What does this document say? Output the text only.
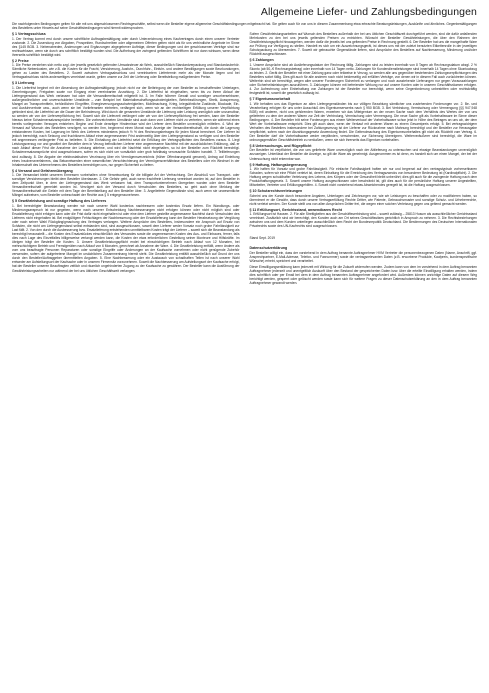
Allgemeine Liefer- und Zahlungsbedingungen

Die nachfolgenden Bedingungen gelten für alle mit uns abgeschlossenen Rechtsgeschäfte, selbst wenn die Besteller eigene allgemeine Geschäftsbedingungen mitgebracht hat. Sie gelten auch für von uns in diesem Zusammenhang etwa erbrachte Beratungsleistungen, Auskünfte und ähnliches. Gegenbestätigungen des Bestellers unter Hinweis auf seine Geschäftsbedingungen wird hiermit widersprochen.

§ 1 Vertragsschluss

1. Der Vertrag kommt erst durch unsere schriftliche Auftragsbestätigung oder durch Unterzeichnung eines Kaufvertrages durch einen unserer Vertreter zustande. 2. Die Zusendung von Abgaben, Prospekten, Rundschreiben oder allgemeinen Offerten gelten nicht als für uns verbindliche Angebote im Sinne des §145 BGB. 3. Nebenabreden, Änderungen und Ergänzungen abgegebener Aufträge, dieser Bedingungen und der geschlossenen Verträge sind nur rechtswirksam, wenn sie durch uns schriftlich bestätigt wurden sind. Die Aufhebung der zwingend geltenden Schriftform ist nur dann wirksam, wenn diese ihrerseits schriftlich bestätigt wird.

§ 2 Preise

1. Die Preise verstehen sich netto zzgl. der jeweils gesetzlich geltenden Umsatzsteuer ab Werk, ausschließlich Standardverpackung und Standardzubehör. Sämtliche Nebenkosten, wie z.B. die Kosten für die Fracht, Versicherung, Ausfuhr-, Durchfuhr-, Einfuhr- und andere Bewilligungen sowie Beurkundungen, gehen zu Lasten des Bestellers. 2. Soweit zwischen Vertragsabschluss und vereinbartem Liefertermin mehr als vier Monate liegen und bei Vertragsabschluss nichts anderweitiges vereinbart wurde, gelten unsere zur Zeit der Lieferung oder Bereitstellung maßgebenden Preise.

§ 3 Lieferung

1. Die Lieferfrist beginnt mit der Absendung der Auftragsbestätigung; jedoch nicht vor der Beibringung der vom Besteller zu beschaffenden Unterlagen, Genehmigungen, Freigaben sowie vor Eingang einer vereinbarten Anzahlung. 2. Die Lieferfrist ist eingehalten, wenn bis zu ihrem Ablauf der Liefergegenstand das Werk verlassen hat oder die Versandbereitschaft mitgeteilt ist. 3. Im Falle höherer Gewalt und sonstiger unvorhersehbarer, außergewöhnlicher und unverschuldeter Umstände – zum Beispiel bei Materialbeschaffungsschwierigkeiten, Betriebsstörungen, Streik, Aussperrung, Mangel an Transportmitteln, behördlichen Eingriffen, Energieversorgungsschwierigkeiten, Mobilmachung, Krieg, kriegsähnliche Zustände, Blockade, Ein- und Ausfuhrverbote usw., auch wenn sie bei Vorlieferanten eintreten, verlängert sich, wenn wir an der rechtzeitigen Erfüllung unserer Verpflichtung gehindert sind, die Lieferfrist um die Dauer der Behinderung. Wird durch die genannten Umstände die Lieferung oder Leistung unmöglich oder unzumutbar, so werden wir von der Lieferverpflichtung frei. Soweit sich die Lieferzeit verlängert oder wir von der Lieferverpflichtung frei werden, kann der Besteller hieraus keine Schadenersatzansprüche herleiten. Die vorbezeichneten Umstände sind auch dann vom Lieferer nicht zu vertreten, wenn sie während eines bereits vorliegenden Verzuges entstehen. Beginn und Ende derartiger Hindernisse wird der Lieferer dem Besteller unverzüglich mitteilen. 4. Wird der Versand auf Wunsch des Bestellers verzögert, so werden ihm, beginnend einen Monat nach Anzeige der Versandbereitschaft, die durch die Lagerung entstandenen Kosten, bei Lagerung im Werk des Lieferers mindestens jedoch ½ % des Rechnungsbetrages für jeden Monat berechnet. Der Lieferer ist jedoch berechtigt, nach Setzung und fruchtlosem Ablauf einer angemessenen Frist anderweitig über den Liefergegenstand zu verfügen und den Besteller mit angemessen verlängerter Frist zu beliefern. 5. Die Einhaltung der Lieferfrist setzt die Erfüllung der Vertragspflichten des Bestellers voraus. 6. Liegt Leistungsverzug vor und gewährt der Besteller dem in Verzug befindlichen Lieferer eine angemessene Nachfrist mit der ausdrücklichen Erklärung, daß er nach Ablauf dieser Frist die Annahme der Leistung ablehne, und wird die Nachfrist nicht eingehalten, so ist der Besteller zum Rücktritt berechtigt. Schadenersatzansprüche sind ausgeschlossen, sofern es sich nicht um vorsätzlich oder grob fahrlässig verursachte Schäden handelt. 7. Teillieferungen sind zulässig. 8. Die Abgabe der elektrostatischen Verzinsung über ein Vermögensverzeichnis (früher Offenbarungseid genannt), Antrag auf Einleitung eines Insolvenzverfahrens, das Bekanntwerden einer wesentlichen Verschlechterung der Vermögensverhältnisse des Bestellers oder ein Wechsel in der Inhaberschaft des Unternehmens des Bestellers berechtigen uns, nur gegen Sicherheit zu liefern.

§ 4 Versand und Gefahrenübergang

1. Die Versandart bleibt unserem Ermessen vorbehalten ohne Verantwortung für die billigste Art der Verfrachtung. Der Abschluß von Transport- oder sonstiger Versicherungen bleibt dem Besteller überlassen. 2. Die Gefahr geht, auch wenn frachtfreie Lieferung vereinbart worden ist, auf den Besteller in dem Zeitpunkt über, in dem der Liefergegenstand das Werk verlassen hat, dem Transportunternehmen übergeben worden oder dem Besteller Versandbereitschaft gemeldet worden ist. Verzögert sich der Versand durch Verschulden des Bestellers, so geht auch ohne Meldung der Versandbereitschaft die Gefahr mit dem Tage der Bereitstellung auf den Besteller über. 3. Angelieferte Gegenstände sind, auch wenn sie unwesentliche Mängel aufweisen, vom Besteller unbeschadet der Rechte aus § 5 entgegenzunehmen.

§ 5 Gewährleistung und sonstige Haftung des Lieferers

1. Bei berechtigter Beanstandung werden wir nach unserer Wahl kostenlos nachbessern oder kostenlos Ersatz liefern. Ein Wandlungs- oder Minderungsanspruch ist nur gegeben, wenn nach unserer Entscheidung Nachbesserungen nicht erfolgen können oder nicht möglich sind oder Ersatzlieferung nicht erfolgen kann oder die Frist dafür nicht eingehalten ist oder eine dem Lieferer gestellte angemessene Nachfrist durch Verschulden des Lieferers nicht eingehalten ist. Bei endgültigem Fehlschlagen der Nachbesserung oder der Ersatzlieferung kann der Besteller Herabsetzung der Vergütung oder nach seiner Wahl Rückgängigmachung des Vertrages verlangen. Weitere Ansprüche des Bestellers, insbesondere ein Anspruch auf Ersatz von Schäden, die nicht am Liefergegenstand selbst entstanden sind, sind ausgeschlossen, soweit dem Lieferer weder Vorsatz noch grobe Fahrlässigkeit zur Last fällt. 2. Von den durch die Ausbesserung bzw. Ersatzlieferung entstehenden unmittelbaren Kosten trägt der Lieferer – soweit sich die Beanstandung als berechtigt herausstellt – die Kosten des Ersatzstückes einschließlich des Versandes sowie die angemessenen Kosten des Aus- und Einbaues, ferner, falls dies nach Lage des Einzelfalles billigerweise verlangt werden kann, die Kosten der etwa erforderlichen Gestellung seiner Monteure und Hilfskräfte. Im übrigen trägt der Besteller die Kosten. 3. Unsere Gewährleistungspflicht endet bei einschichtigem Betrieb nach Ablauf von 12 Monaten, bei mehrschichtigem Betrieb und Fremdgeräten nach Ablauf von 6 Monaten, gerechnet ab Annahme der Ware. 4. Die Gewährleistung entfällt, wenn ändere als vom uns beauftragte Personen Reparaturen oder sonstige Eingriffe oder Änderungen an der Kaufsache vornehmen oder nicht genügende Zubehör verwenden, sofern der aufgetretene Mangel im ursächlichen Zusammenhang hiermit steht. Die Gewährleistung entfällt ausschließlich auf Grund der uns durch den Besteller/Auftraggeber übermittelten Angaben. 5. Eine Nachbesserung oder ein Austausch von schadhaften Teilen ist nach unserer Wahl entweder am Aufstellungsort der Kaufsache oder in unseren Firmensitz vorzunehmen. Soweit die Nachbesserung am Aufstellungsort der Kaufsache erfolgt, hat der Besteller unseren Beauftragten zeitlich und räumlich ungehinderten Zugang zu der Kaufsache zu gewähren. Der Besteller kann die Ausführung der Gewährleistungsarbeiten nur während der bei uns üblichen Geschäftszeit verlangen.

Sofern Gewährleistungsarbeiten auf Wunsch des Bestellers außerhalb der bei uns üblichen Geschäftszeit durchgeführt werden, sind die dafür anfallenden Mehrkosten zu den bei uns jeweils geltenden Preisen zu entrichten. Wünscht der Besteller Gewährleistungen, die über den Rahmen der Gewährleistungspflicht hinausgehen, werden dafür die jeweils bei uns geltenden Preise in Rechnung gestellt. 6. Der Besteller hat uns die mangelhafte Ware zur Prüfung zur Verfügung zu stellen. Handelt es sich um ein Auszeichnungsgerät, ist dieses uns mit der zuletzt benutzten Etikettenrolle in der jeweiligen Schutzpackung zu übersenden. 7. Soweit wir gebrauchte Gegenstände liefern, sind Ansprüche des Bestellers auf Nachbesserung, Minderung und/oder Rücktritt ausgeschlossen.

§ 6 Zahlungen

1. Unsere Ansprüche sind ab Auslieferungsdatum der Rechnung fällig. Zahlungen sind zu leisten innerhalb von 8 Tagen ab Rechnungsdatum abzgl. 2 % Skonto (ab 50,-€ Rechnungsbetrag) oder innerhalb von 14 Tagen netto. Zahlungen für Kundendienstleistungen sind innerhalb 14 Tagen ohne Skontoabzug zu leisten. 2. Gerät der Besteller mit einer Zahlung ganz oder teilweise in Verzug, so werden alle uns gegenüber bestehenden Zahlungsverpflichtungen des Bestellers sofort fällig. Dies gilt auch für alle anderen noch nicht beiderseitig voll erfüllten Verträge, von denen wir in diesem Fall auch zurücktreten können. Weiterhin sind wir berechtigt, wegen aller unserer Forderungen Sicherheit zu verlangen und noch ausstehende Lieferungen nur gegen Vorauszahlungen oder Sicherheitsleistungen auszuführen. 3. Zahlungen können mit befreiender Wirkung nur auf unsere Konten oder in unseren Geschäftsräumen erfolgen. 4. Zur Aufrechnung oder Einbehaltung von Zahlungen ist der Besteller nur berechtigt, wenn seine Gegenforderung unbestritten oder rechtskräftig festgestellt ist, soweit die gesetzlich zulässig ist.

§ 7 Eigentumsvorbehalt

1. Wir behalten uns das Eigentum an allen Liefergegenständen bis zur völligen Bezahlung sämtlicher uns zustehenden Forderungen vor. 2. Be- und Verarbeitung erfolgen für uns unter Ausschluß des Eigentumserwerbs nach § 950 BGB. 3. Bei Verbindung, Vermischung oder Vermengung (§§ 947,948 BGB) mit anderen, nicht uns gehörenden Waren, erwerben wir das Miteigentum an der neuen Sache nach dem Verhältnis des Wertes der von uns gelieferten zu dem der anderen Waren zur Zeit der Verbindung, Vermischung oder Vermengung. Die neue Sache gilt als Vorbehaltsware im Sinne dieser Bedingungen. 4. Der Besteller tritt seine Forderungen aus einem Weiterverkauf der Vorbehaltsware schon jetzt in Höhe des Betrages an uns ab, der dem Wert der Vorbehaltsware entspricht. Dies gilt auch dann, wenn der Verkauf mit anderen Waren zu einem Gesamtpreis erfolgt. 5. Bei vertragswidrigem Verhalten des Bestellers insbesondere bei Zahlungsverzug ist der Lieferer zur Rücknahme nach Mahnung berechtigt und der Besteller zur Herausgabe verpflichtet, sofern nach der Abzahlungsgesetz Anwendung findet. Die Geltendmachung des Eigentumsvorbehaltes gilt nicht als Rücktritt vom Vertrag. 6. Der Besteller darf die Vorbehaltsware weder verpfänden, verschenken, zur Sicherung übereignen. Weiterveräußerer sind berechtigt, die Ware im ordnungsgemäßen Geschäftsbetrieb zu veräußern, wenn sie sich ihrerseits das Eigentum vorbehalten.

§ 8 Untersuchungs- und Rügepflicht

Der Besteller ist verpflichtet, die von uns gelieferte Ware unverzüglich nach der Ablieferung zu untersuchen und etwaige Beanstandungen unverzüglich anzuzeigen. Unterlässt der Besteller die Anzeige, so gilt die Ware als genehmigt. Ausgenommen es ist denn, es handelt sich um einen Mangel, der bei der Untersuchung nicht erkennbar war.

§ 9 Haftung, Haftungsbegrenzung

1. Wir haften für Vorsatz und grobe Fahrlässigkeit. Für einfache Fahrlässigkeit haften wir nur und begrenzt auf den vertragstypisch vorhersehbaren Schaden, sofern wir eine Pflicht verletzt ist, deren Einhaltung für die Erreichung des Vertragszwecks von besonderer Bedeutung ist (Kardinalpflicht). 2. Die Haftung wegen schuldhafter Verletzung des Lebens, des Körpers oder der Gesundheit bleibt unberührt; dies gilt auch für die zwingende Haftung nach dem Produkthaftungsgesetz. 3. Soweit unsere Haftung ausgeschlossen oder beschränkt ist, gilt dies auch für die persönliche Haftung unserer Angestellten, Mitarbeiter, Vertreter und Erfüllungsgehilfen. 4. Soweit nicht vorstehend etwas Abweichendes geregelt ist, ist die Haftung ausgeschlossen.

§ 10 Schutzrechtsverletzungen

Scheint uns der Kunde durch besondere Angaben, Unterlagen und Zeichnungen vor, wie wir Leistungen zu beschaffen oder zu modifizieren haben, so übernimmt er die Gewähr, dass durch unsere Vertragserfüllung Rechte Dritter, wie Patente, Gebrauchsmuster und sonstige Schutz- und Urheberrechte, nicht verletzt werden. Der Kunde stellt uns von allen Ansprüchen Dritter frei, die wegen einer solchen Verletzung gegen uns geltend gemacht werden.

§ 11 Erfüllungsort, Gerichtsstand, anwendbares Recht

1. Erfüllungsort ist Hausen. 2. Für alle Streitigkeiten aus der Geschäftsverbindung wird – soweit zulässig – 25813 Husum als ausschließlicher Gerichtsstand vereinbart. Zusätzlich sind wir berechtigt, den Kunden auch am Ort seines Geschäftssitzes gerichtlich in Anspruch zu nehmen. 3. Die Rechtsbeziehungen zwischen uns und dem Kunden unterliegen ausschließlich dem Recht der Bundesrepublik Deutschland. Die Bestimmungen des Deutschen Internationalen Privatrechts sowie des UN-Kaufrechts sind ausgeschlossen.

Stand Sept. 2019

Datenschutzerklärung

Der Besteller willigt ein, dass der vorstehend in dem Auftrag benannte Auftragnehmer HVM Vertreter die personenbezogenen Daten (Name, Anschrift, ggf. Ansprechpartner, E-Mail-Adresse, Telefon- und Faxnummer) sowie die vertragsrelevanten Daten (z.B. erworbene Produkte, Kaufpreis, kundenspezifische Wünsche) erhebt, speichert und verarbeitet.

Diese Einwilligungserklärung kann jederzeit mit Wirkung für die Zukunft widerrufen werden. Zudem kann von dem im vorstehend in dem Auftrag benannten Auftragnehmer jederzeit und unentgeltlich Auskunft über den Bestand der gespeicherten Daten bzw. über die erteilte Einwilligung erhalten werden, indem dies schriftlich oder per Email bei dem in dem Auftrag benannten Auftragnehmer angefordert wird. Außerdem können unrichtige Daten auf diesem Weg berichtigt werden, gesperrt oder gelöscht werden sowie kann sich für weitere Fragen zu dieser Datenschutzerklärung an den in dem Auftrag benannten Auftragnehmer gewandt werden.
